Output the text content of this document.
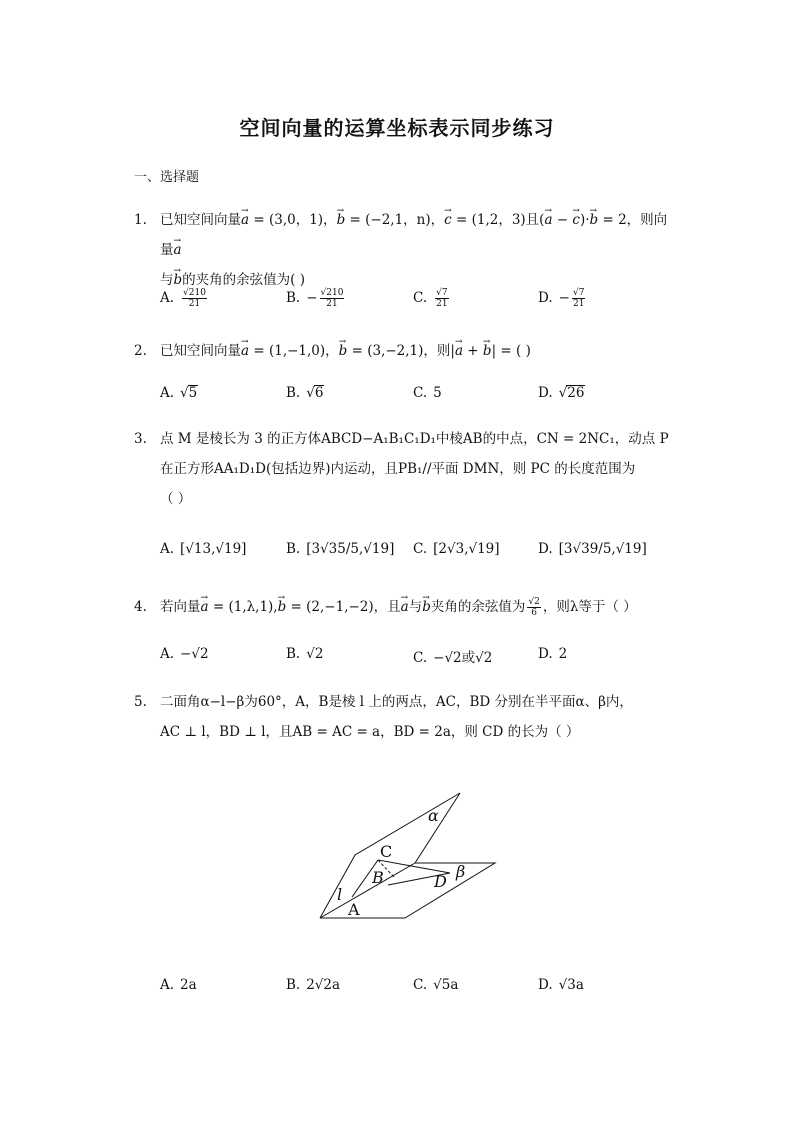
空间向量的运算坐标表示同步练习
一、选择题
1. 已知空间向量→ a = (3,0，1)，→ b = (−2,1，n)，→ c = (1,2，3)且(→ a − → c)·→ b = 2，则向量→ a
与→ b的夹角的余弦值为( )
A. $\frac{√210}{21}$	B. − $\frac{√210}{21}$	C. $\frac{√7}{21}$	D. − $\frac{√7}{21}$
2. 已知空间向量→ a = (1,−1,0)，→ b = (3,−2,1)，则|→ a + → b| = ( )
A. √5	B. √6	C. 5	D. √26
3. 点 M 是棱长为 3 的正方体ABCD−A₁B₁C₁D₁中棱AB的中点，CN = 2NC₁，动点 P
在正方形AA₁D₁D(包括边界)内运动，且PB₁//平面 DMN，则 PC 的长度范围为
（ ）
A. [√13,√19]	B. [3√35/5,√19] C. [2√3,√19]	D. [3√39/5,√19]
4. 若向量→ a = (1,λ,1),→ b = (2,−1,−2)，且→ a与→ b夹角的余弦值为 $\frac{√2}{6}$ ，则λ等于（ ）
A. −√2	B. √2	C. −√2或√2	D. 2
5. 二面角α−l−β为60°，A，B是棱 l 上的两点，AC，BD 分别在半平面α、β内，
AC ⊥ l，BD ⊥ l，且AB = AC = a，BD = 2a，则 CD 的长为（ ）
α
β
C
B	D
A
l
A. 2a	B. 2√2a	C. √5a	D. √3a
